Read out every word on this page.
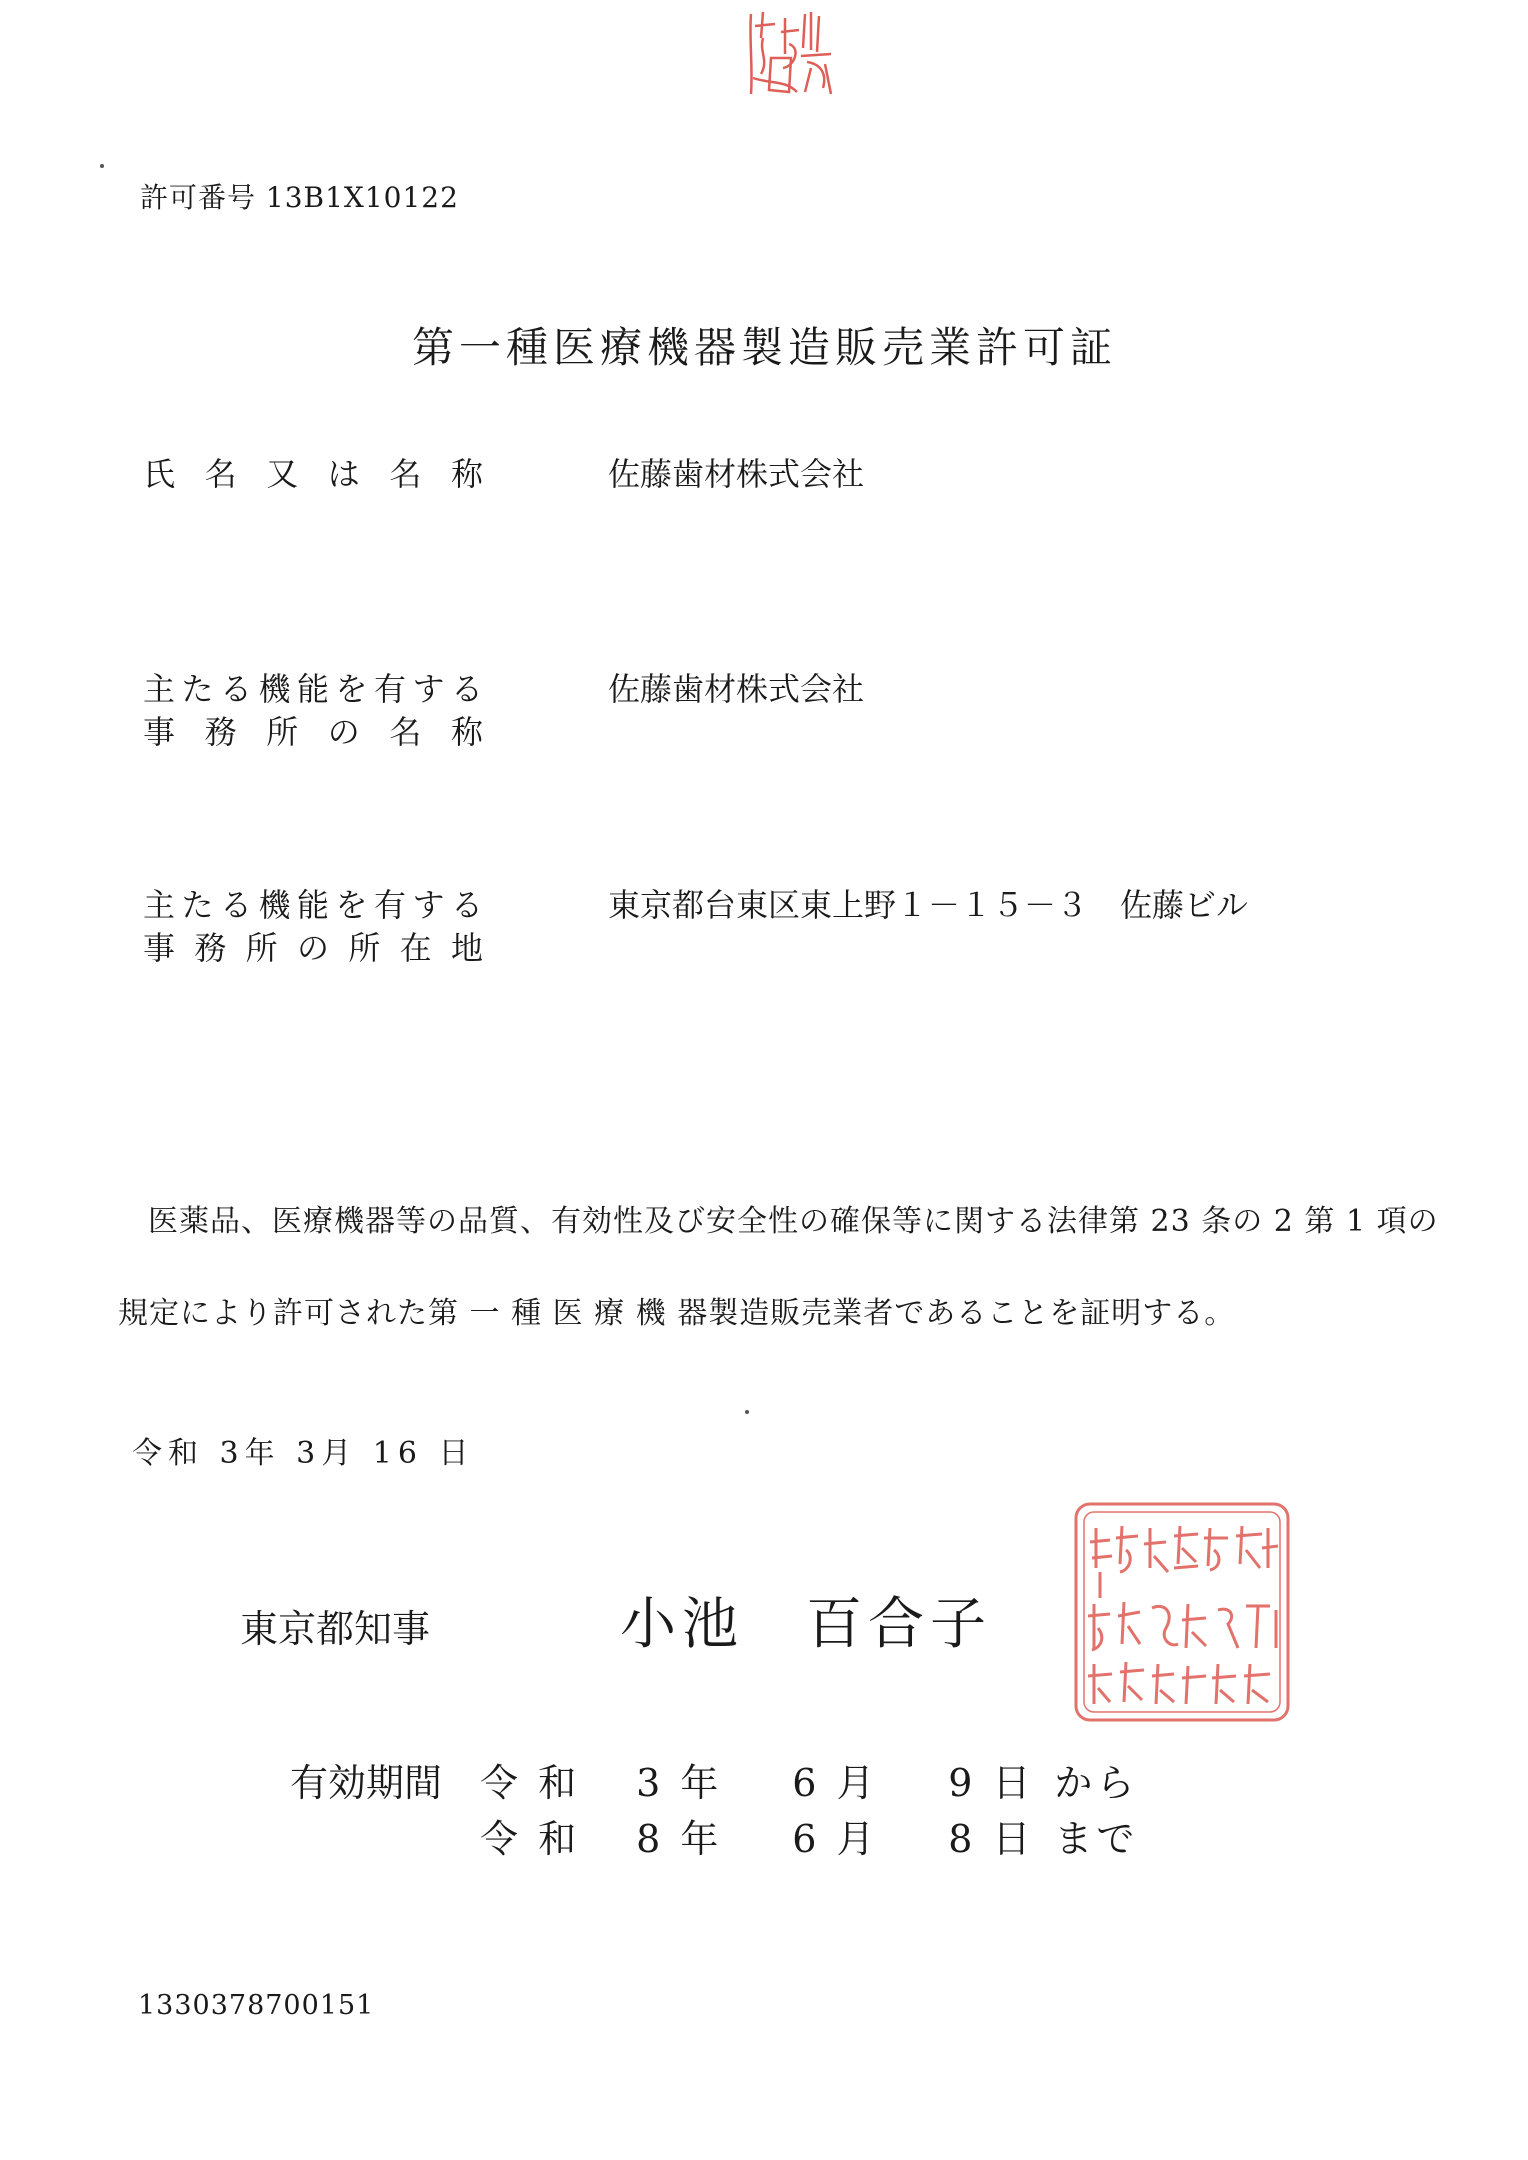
許可番号 13B1X10122
第一種医療機器製造販売業許可証
氏 名 又 は 名 称	佐藤歯材株式会社
主たる機能を有する
事 務 所 の 名 称
佐藤歯材株式会社
主たる機能を有する
事 務 所 の 所 在 地
東京都台東区東上野１－１５－３　佐藤ビル
医薬品、医療機器等の品質、有効性及び安全性の確保等に関する法律第 23 条の 2 第 1 項の
規定により許可された第 一 種 医 療 機 器製造販売業者であることを証明する。
令和 3年 3月 16 日
東京都知事	小池　百合子
有効期間 令 和 3 年 6 月 9 日 から
令 和 8 年 6 月 8 日 まで
1330378700151
